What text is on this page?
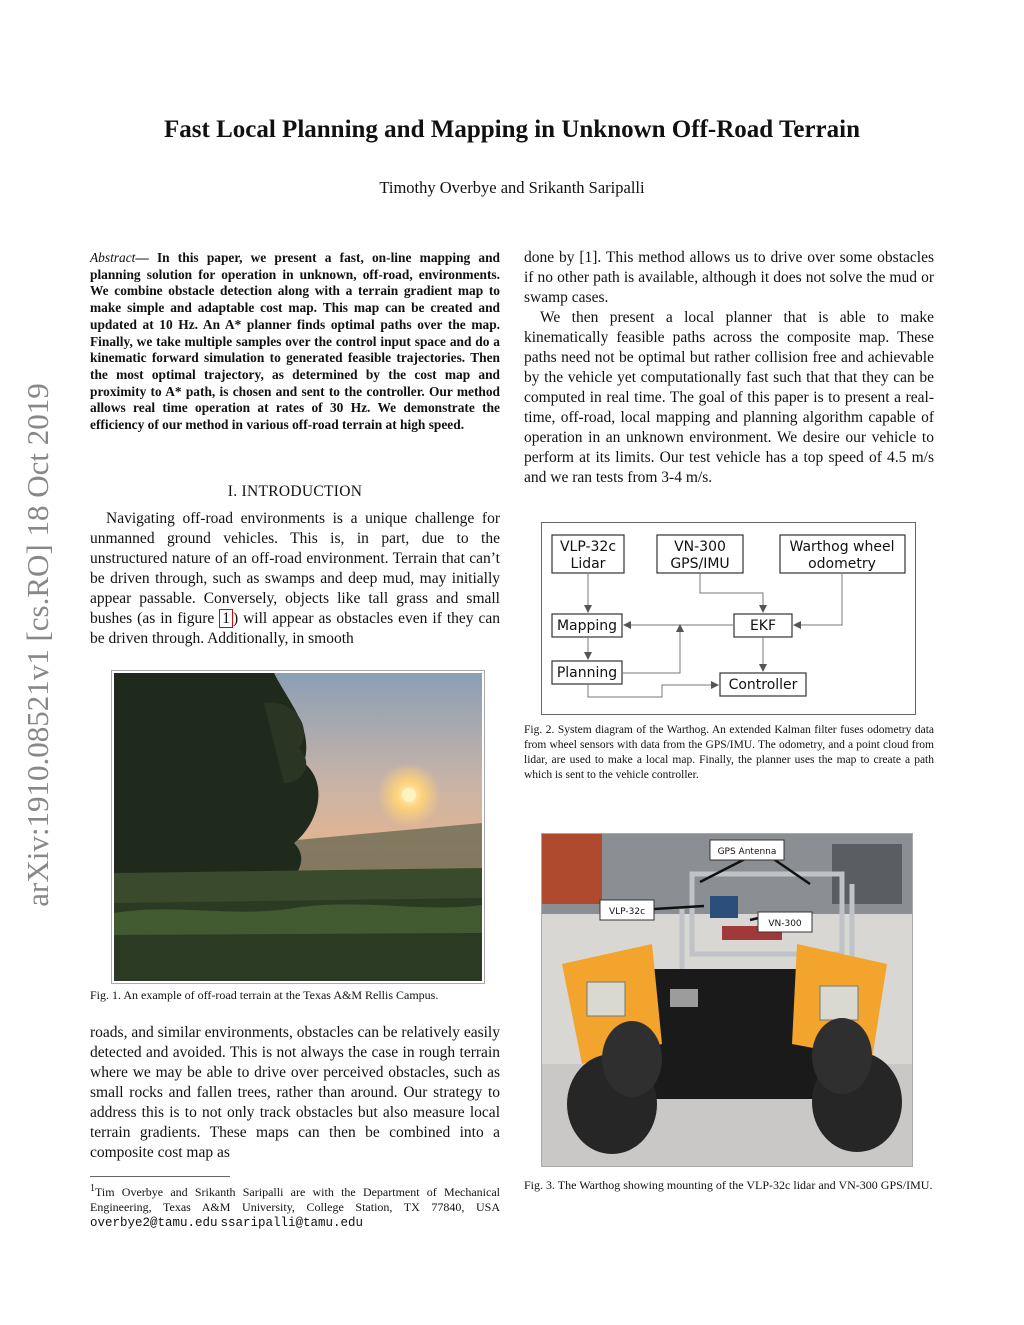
Fast Local Planning and Mapping in Unknown Off-Road Terrain
Timothy Overbye and Srikanth Saripalli
arXiv:1910.08521v1 [cs.RO] 18 Oct 2019
Abstract— In this paper, we present a fast, on-line mapping and planning solution for operation in unknown, off-road, environments. We combine obstacle detection along with a terrain gradient map to make simple and adaptable cost map. This map can be created and updated at 10 Hz. An A* planner finds optimal paths over the map. Finally, we take multiple samples over the control input space and do a kinematic forward simulation to generated feasible trajectories. Then the most optimal trajectory, as determined by the cost map and proximity to A* path, is chosen and sent to the controller. Our method allows real time operation at rates of 30 Hz. We demonstrate the efficiency of our method in various off-road terrain at high speed.
I. INTRODUCTION
Navigating off-road environments is a unique challenge for unmanned ground vehicles. This is, in part, due to the unstructured nature of an off-road environment. Terrain that can’t be driven through, such as swamps and deep mud, may initially appear passable. Conversely, objects like tall grass and small bushes (as in figure 1 ) will appear as obstacles even if they can be driven through. Additionally, in smooth
Fig. 1. An example of off-road terrain at the Texas A&M Rellis Campus.
roads, and similar environments, obstacles can be relatively easily detected and avoided. This is not always the case in rough terrain where we may be able to drive over perceived obstacles, such as small rocks and fallen trees, rather than around. Our strategy to address this is to not only track obstacles but also measure local terrain gradients. These maps can then be combined into a composite cost map as
$^1$Tim Overbye and Srikanth Saripalli are with the Department of Mechanical Engineering, Texas A&M University, College Station, TX 77840, USA overbye2@tamu.edu ssaripalli@tamu.edu
done by [1]. This method allows us to drive over some obstacles if no other path is available, although it does not solve the mud or swamp cases.
We then present a local planner that is able to make kinematically feasible paths across the composite map. These paths need not be optimal but rather collision free and achievable by the vehicle yet computationally fast such that that they can be computed in real time. The goal of this paper is to present a real-time, off-road, local mapping and planning algorithm capable of operation in an unknown environment. We desire our vehicle to perform at its limits. Our test vehicle has a top speed of 4.5 m/s and we ran tests from 3-4 m/s.
VLP-32c
Lidar
VN-300
GPS/IMU
Warthog wheel
odometry
Mapping	EKF
Planning
Controller
Fig. 2. System diagram of the Warthog. An extended Kalman filter fuses odometry data from wheel sensors with data from the GPS/IMU. The odometry, and a point cloud from lidar, are used to make a local map. Finally, the planner uses the map to create a path which is sent to the vehicle controller.
GPS Antenna
VLP-32c
VN-300
Fig. 3. The Warthog showing mounting of the VLP-32c lidar and VN-300 GPS/IMU.
